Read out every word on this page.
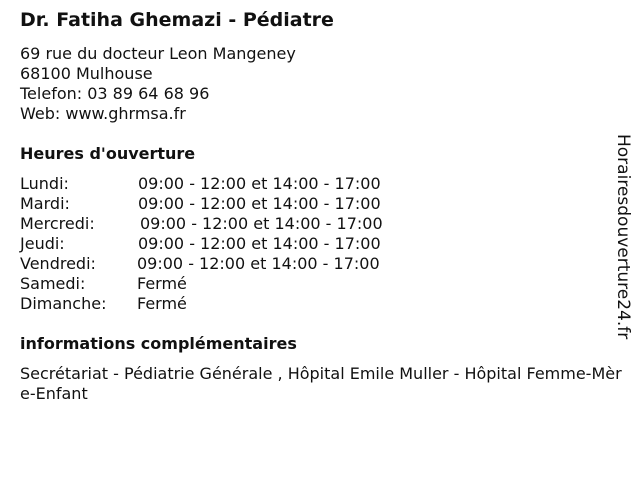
Dr. Fatiha Ghemazi - Pédiatre
69 rue du docteur Leon Mangeney
68100 Mulhouse
Telefon: 03 89 64 68 96
Web: www.ghrmsa.fr
Heures d'ouverture
Lundi:	09:00 - 12:00 et 14:00 - 17:00
Mardi:	09:00 - 12:00 et 14:00 - 17:00
Mercredi:	09:00 - 12:00 et 14:00 - 17:00
Jeudi:	09:00 - 12:00 et 14:00 - 17:00
Vendredi:	09:00 - 12:00 et 14:00 - 17:00
Samedi:	Fermé
Dimanche: Fermé
informations complémentaires
Secrétariat - Pédiatrie Générale , Hôpital Emile Muller - Hôpital Femme-Mère-Enfant
Horairesdouverture24.fr
